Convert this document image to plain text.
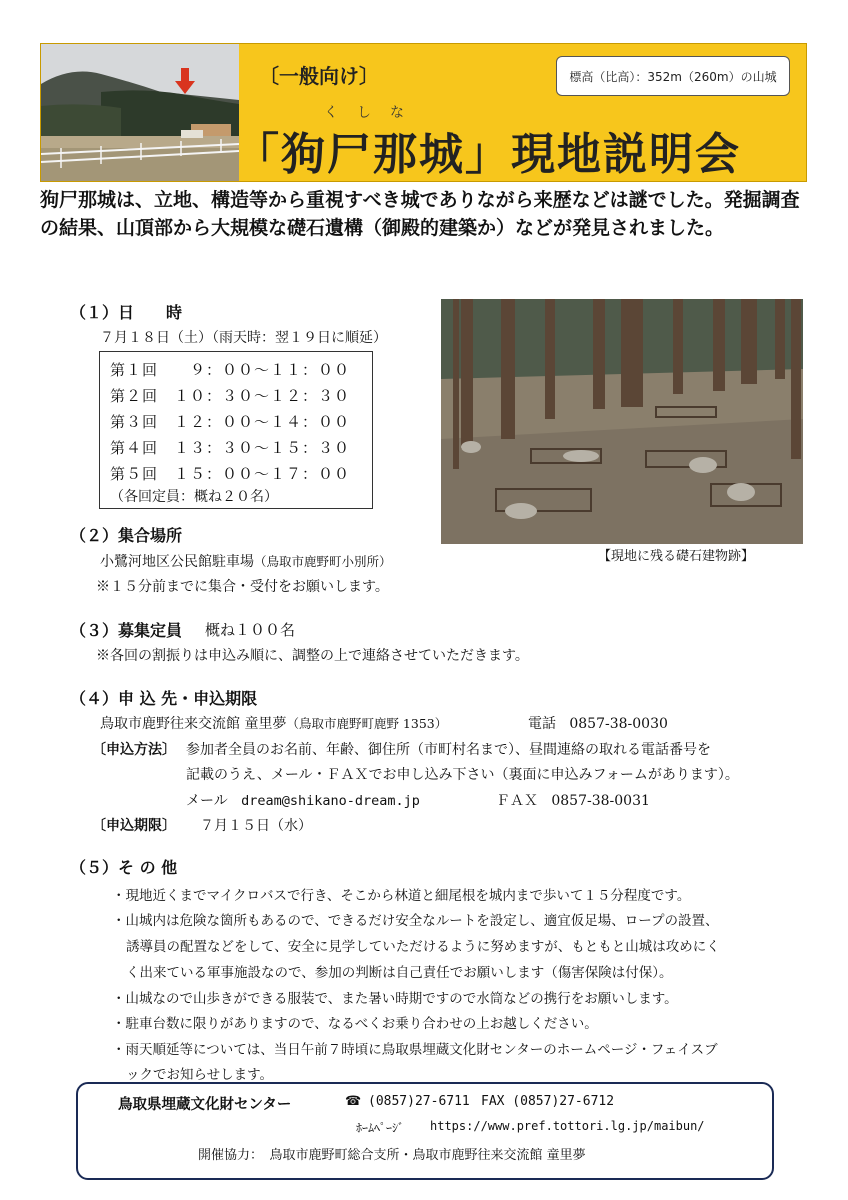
〔一般向け〕	標高（比高）：352m（260m）の山城
くしな
「狗尸那城」現地説明会
狗尸那城は、立地、構造等から重視すべき城でありながら来歴などは謎でした。発掘調査の結果、山頂部から大規模な礎石遺構（御殿的建築か）などが発見されました。
（１）日　　時
７月１８日（土）（雨天時：翌１９日に順延）
第１回　　９：００～１１：００
第２回　１０：３０～１２：３０
第３回　１２：００～１４：００
第４回　１３：３０～１５：３０
第５回　１５：００～１７：００
（各回定員：概ね２０名）
【現地に残る礎石建物跡】
（２）集合場所
小鷺河地区公民館駐車場（鳥取市鹿野町小別所）
※１５分前までに集合・受付をお願いします。
（３）募集定員 概ね１００名
※各回の割振りは申込み順に、調整の上で連絡させていただきます。
（４）申 込 先・申込期限
鳥取市鹿野往来交流館 童里夢（鳥取市鹿野町鹿野 1353）	電話 0857-38-0030
〔申込方法〕 参加者全員のお名前、年齢、御住所（市町村名まで）、昼間連絡の取れる電話番号を
記載のうえ、メール・ＦＡＸでお申し込み下さい（裏面に申込みフォームがあります）。
メール dream@shikano-dream.jp	ＦＡＸ 0857-38-0031
〔申込期限〕 ７月１５日（水）
（５）そ の 他
・現地近くまでマイクロバスで行き、そこから林道と細尾根を城内まで歩いて１５分程度です。
・山城内は危険な箇所もあるので、できるだけ安全なルートを設定し、適宜仮足場、ロープの設置、
誘導員の配置などをして、安全に見学していただけるように努めますが、もともと山城は攻めにく
く出来ている軍事施設なので、参加の判断は自己責任でお願いします（傷害保険は付保）。
・山城なので山歩きができる服装で、また暑い時期ですので水筒などの携行をお願いします。
・駐車台数に限りがありますので、なるべくお乗り合わせの上お越しください。
・雨天順延等については、当日午前７時頃に鳥取県埋蔵文化財センターのホームページ・フェイスブ
ックでお知らせします。
鳥取県埋蔵文化財センター	☎ (0857)27-6711 FAX (0857)27-6712
ﾎｰﾑﾍﾟｰｼﾞ https://www.pref.tottori.lg.jp/maibun/
開催協力：　鳥取市鹿野町総合支所・鳥取市鹿野往来交流館 童里夢
